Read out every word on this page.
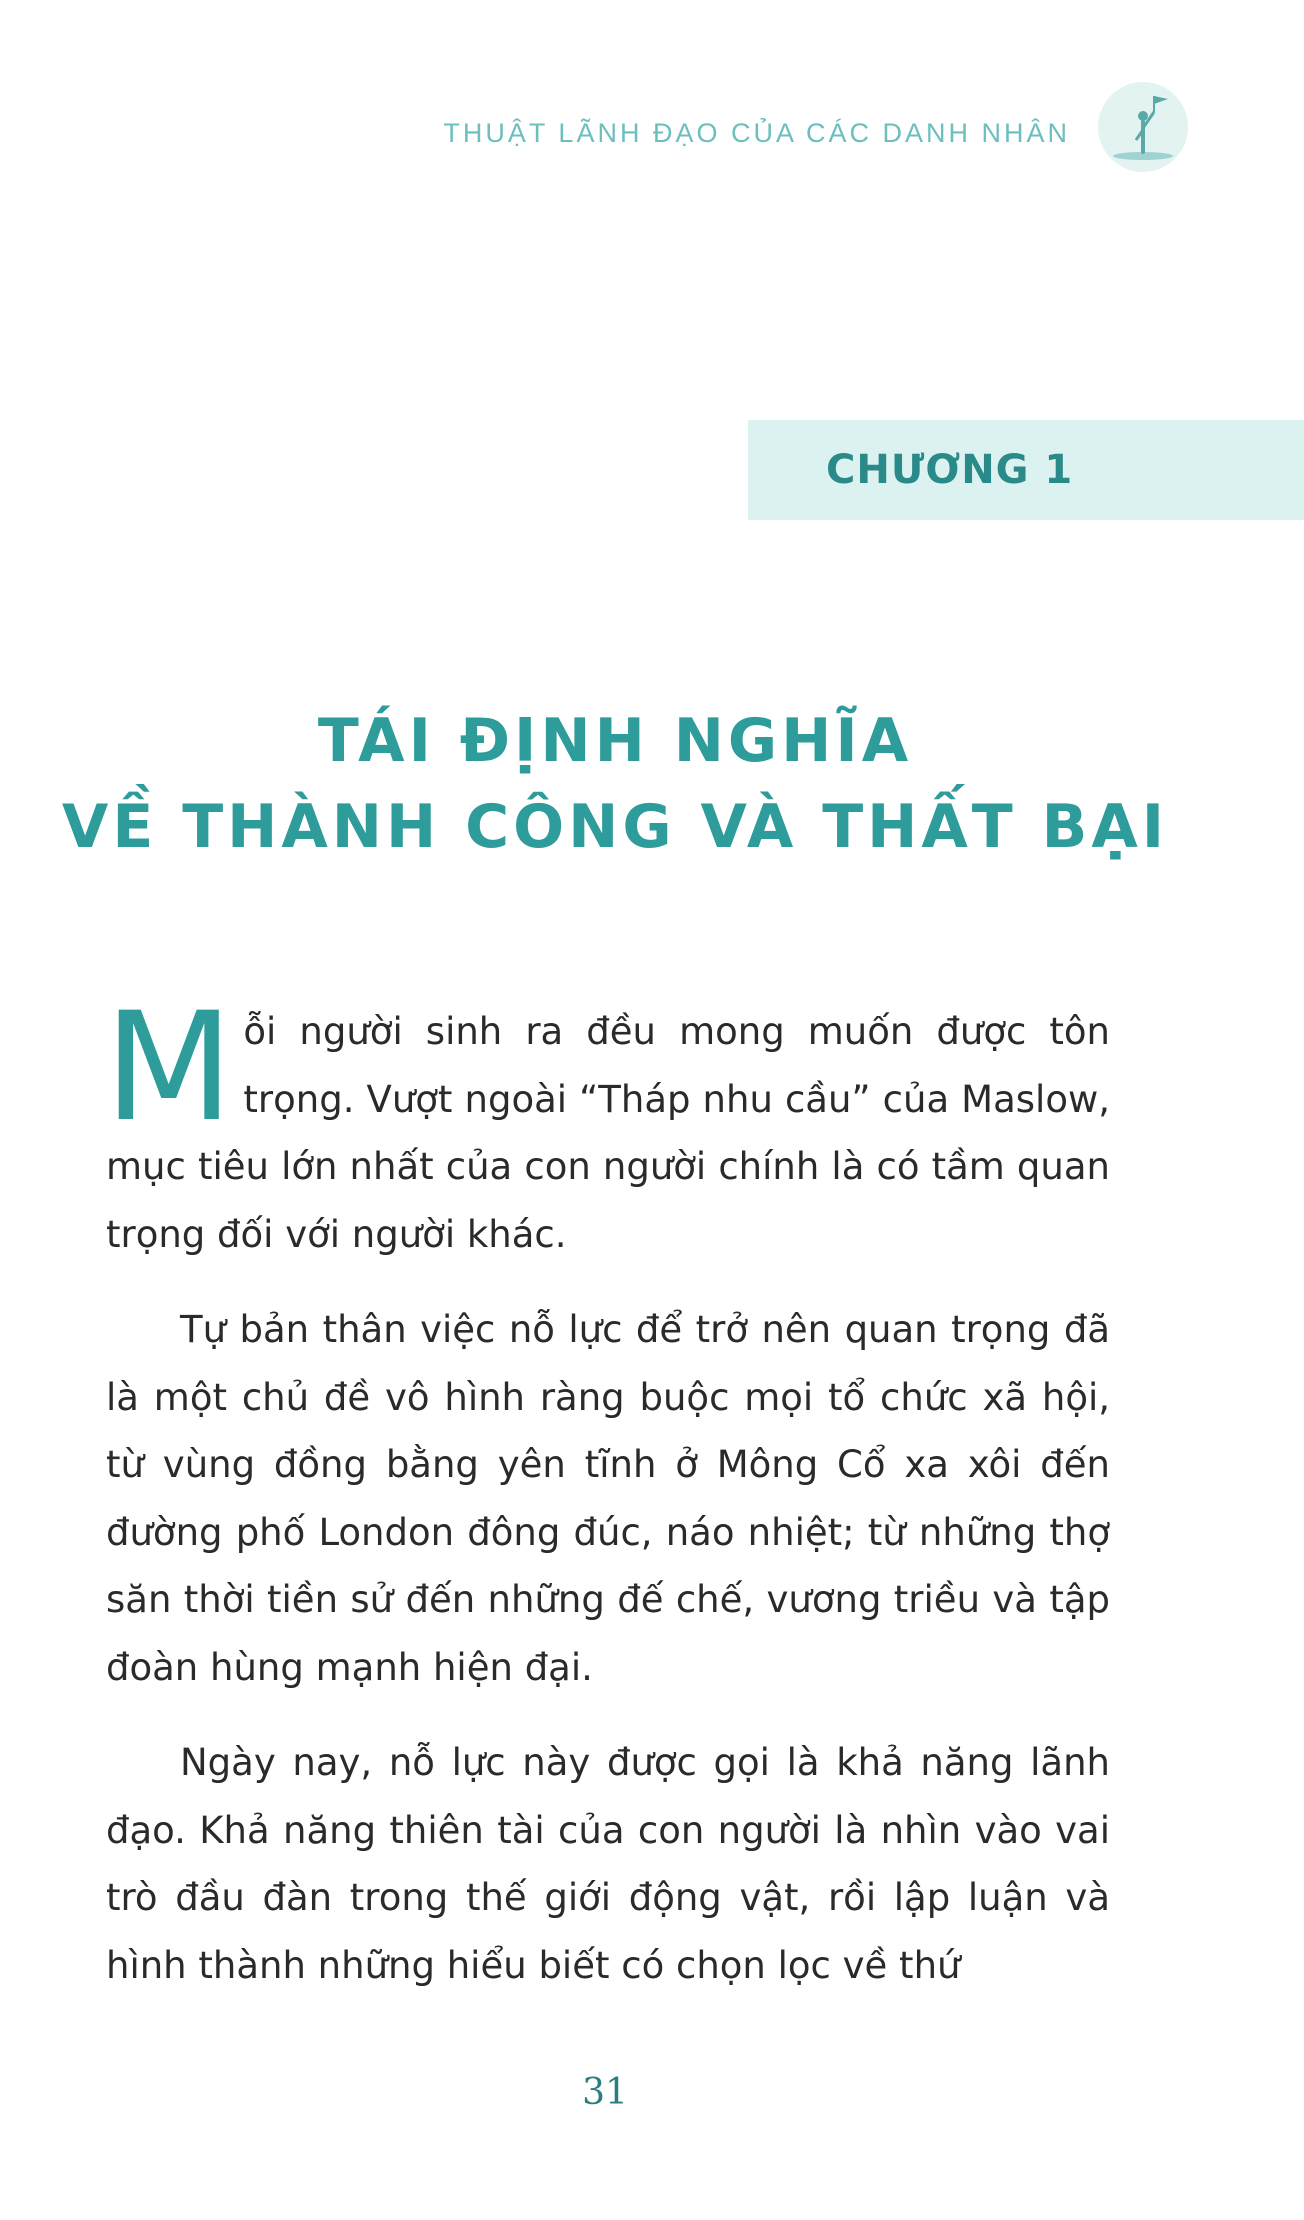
THUẬT LÃNH ĐẠO CỦA CÁC DANH NHÂN
CHƯƠNG 1
TÁI ĐỊNH NGHĨA
VỀ THÀNH CÔNG VÀ THẤT BẠI

Mỗi người sinh ra đều mong muốn được tôn trọng. Vượt ngoài “Tháp nhu cầu” của Maslow, mục tiêu lớn nhất của con người chính là có tầm quan trọng đối với người khác.

Tự bản thân việc nỗ lực để trở nên quan trọng đã là một chủ đề vô hình ràng buộc mọi tổ chức xã hội, từ vùng đồng bằng yên tĩnh ở Mông Cổ xa xôi đến đường phố London đông đúc, náo nhiệt; từ những thợ săn thời tiền sử đến những đế chế, vương triều và tập đoàn hùng mạnh hiện đại.

Ngày nay, nỗ lực này được gọi là khả năng lãnh đạo. Khả năng thiên tài của con người là nhìn vào vai trò đầu đàn trong thế giới động vật, rồi lập luận và hình thành những hiểu biết có chọn lọc về thứ

31
